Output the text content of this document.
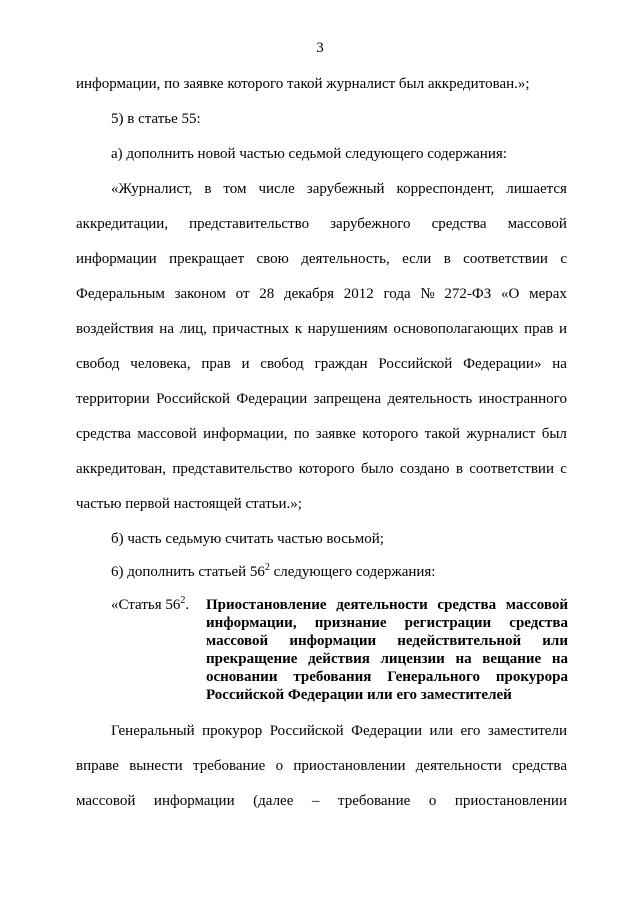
3
информации, по заявке которого такой журналист был аккредитован.»;
5) в статье 55:
а) дополнить новой частью седьмой следующего содержания:
«Журналист, в том числе зарубежный корреспондент, лишается
аккредитации, представительство зарубежного средства массовой
информации прекращает свою деятельность, если в соответствии с
Федеральным законом от 28 декабря 2012 года № 272-ФЗ «О мерах
воздействия на лиц, причастных к нарушениям основополагающих прав и
свобод человека, прав и свобод граждан Российской Федерации» на
территории Российской Федерации запрещена деятельность иностранного
средства массовой информации, по заявке которого такой журналист был
аккредитован, представительство которого было создано в соответствии с
частью первой настоящей статьи.»;
б) часть седьмую считать частью восьмой;
6) дополнить статьей $56^2$ следующего содержания:
«Статья $56^2$. Приостановление деятельности средства массовой
информации, признание регистрации средства
массовой информации недействительной или
прекращение действия лицензии на вещание на
основании требования Генерального прокурора
Российской Федерации или его заместителей
Генеральный прокурор Российской Федерации или его заместители
вправе вынести требование о приостановлении деятельности средства
массовой информации (далее – требование о приостановлении
